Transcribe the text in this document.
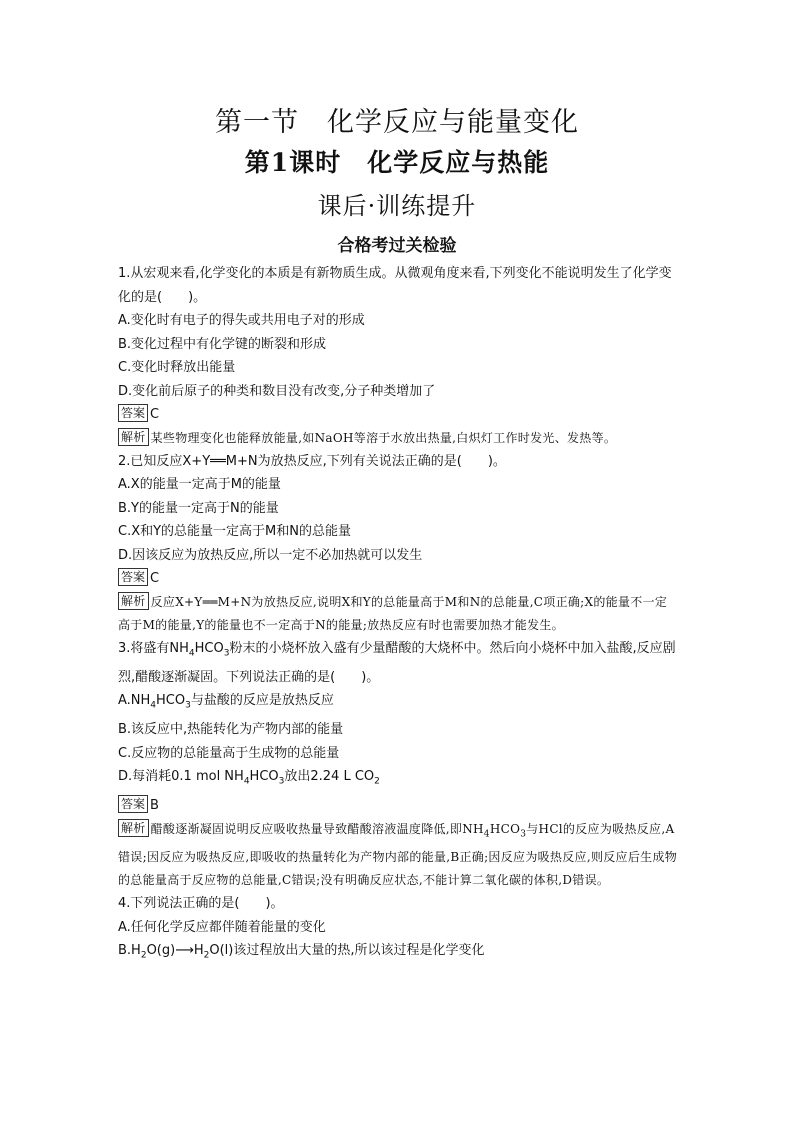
第一节　化学反应与能量变化
第1课时　化学反应与热能
课后·训练提升
合格考过关检验
1.从宏观来看,化学变化的本质是有新物质生成。从微观角度来看,下列变化不能说明发生了化学变化的是(　　)。
A.变化时有电子的得失或共用电子对的形成
B.变化过程中有化学键的断裂和形成
C.变化时释放出能量
D.变化前后原子的种类和数目没有改变,分子种类增加了
答案 C
解析 某些物理变化也能释放能量,如NaOH等溶于水放出热量,白炽灯工作时发光、发热等。
2.已知反应X+Y══M+N为放热反应,下列有关说法正确的是(　　)。
A.X的能量一定高于M的能量
B.Y的能量一定高于N的能量
C.X和Y的总能量一定高于M和N的总能量
D.因该反应为放热反应,所以一定不必加热就可以发生
答案 C
解析 反应X+Y══M+N为放热反应,说明X和Y的总能量高于M和N的总能量,C项正确;X的能量不一定高于M的能量,Y的能量也不一定高于N的能量;放热反应有时也需要加热才能发生。
3.将盛有$NH_4HCO_3$粉末的小烧杯放入盛有少量醋酸的大烧杯中。然后向小烧杯中加入盐酸,反应剧烈,醋酸逐渐凝固。下列说法正确的是(　　)。
$A.NH_4HCO_3$与盐酸的反应是放热反应
B.该反应中,热能转化为产物内部的能量
C.反应物的总能量高于生成物的总能量
D.每消耗0.1 mol $NH_4HCO_3$放出2.24 L $CO_2$
答案 B
解析 醋酸逐渐凝固说明反应吸收热量导致醋酸溶液温度降低,即$NH_4HCO_3$与HCl的反应为吸热反应,A错误;因反应为吸热反应,即吸收的热量转化为产物内部的能量,B正确;因反应为吸热反应,则反应后生成物的总能量高于反应物的总能量,C错误;没有明确反应状态,不能计算二氧化碳的体积,D错误。
4.下列说法正确的是(　　)。
A.任何化学反应都伴随着能量的变化
$B.H_2O(g)⟶H_2O(l)$该过程放出大量的热,所以该过程是化学变化
